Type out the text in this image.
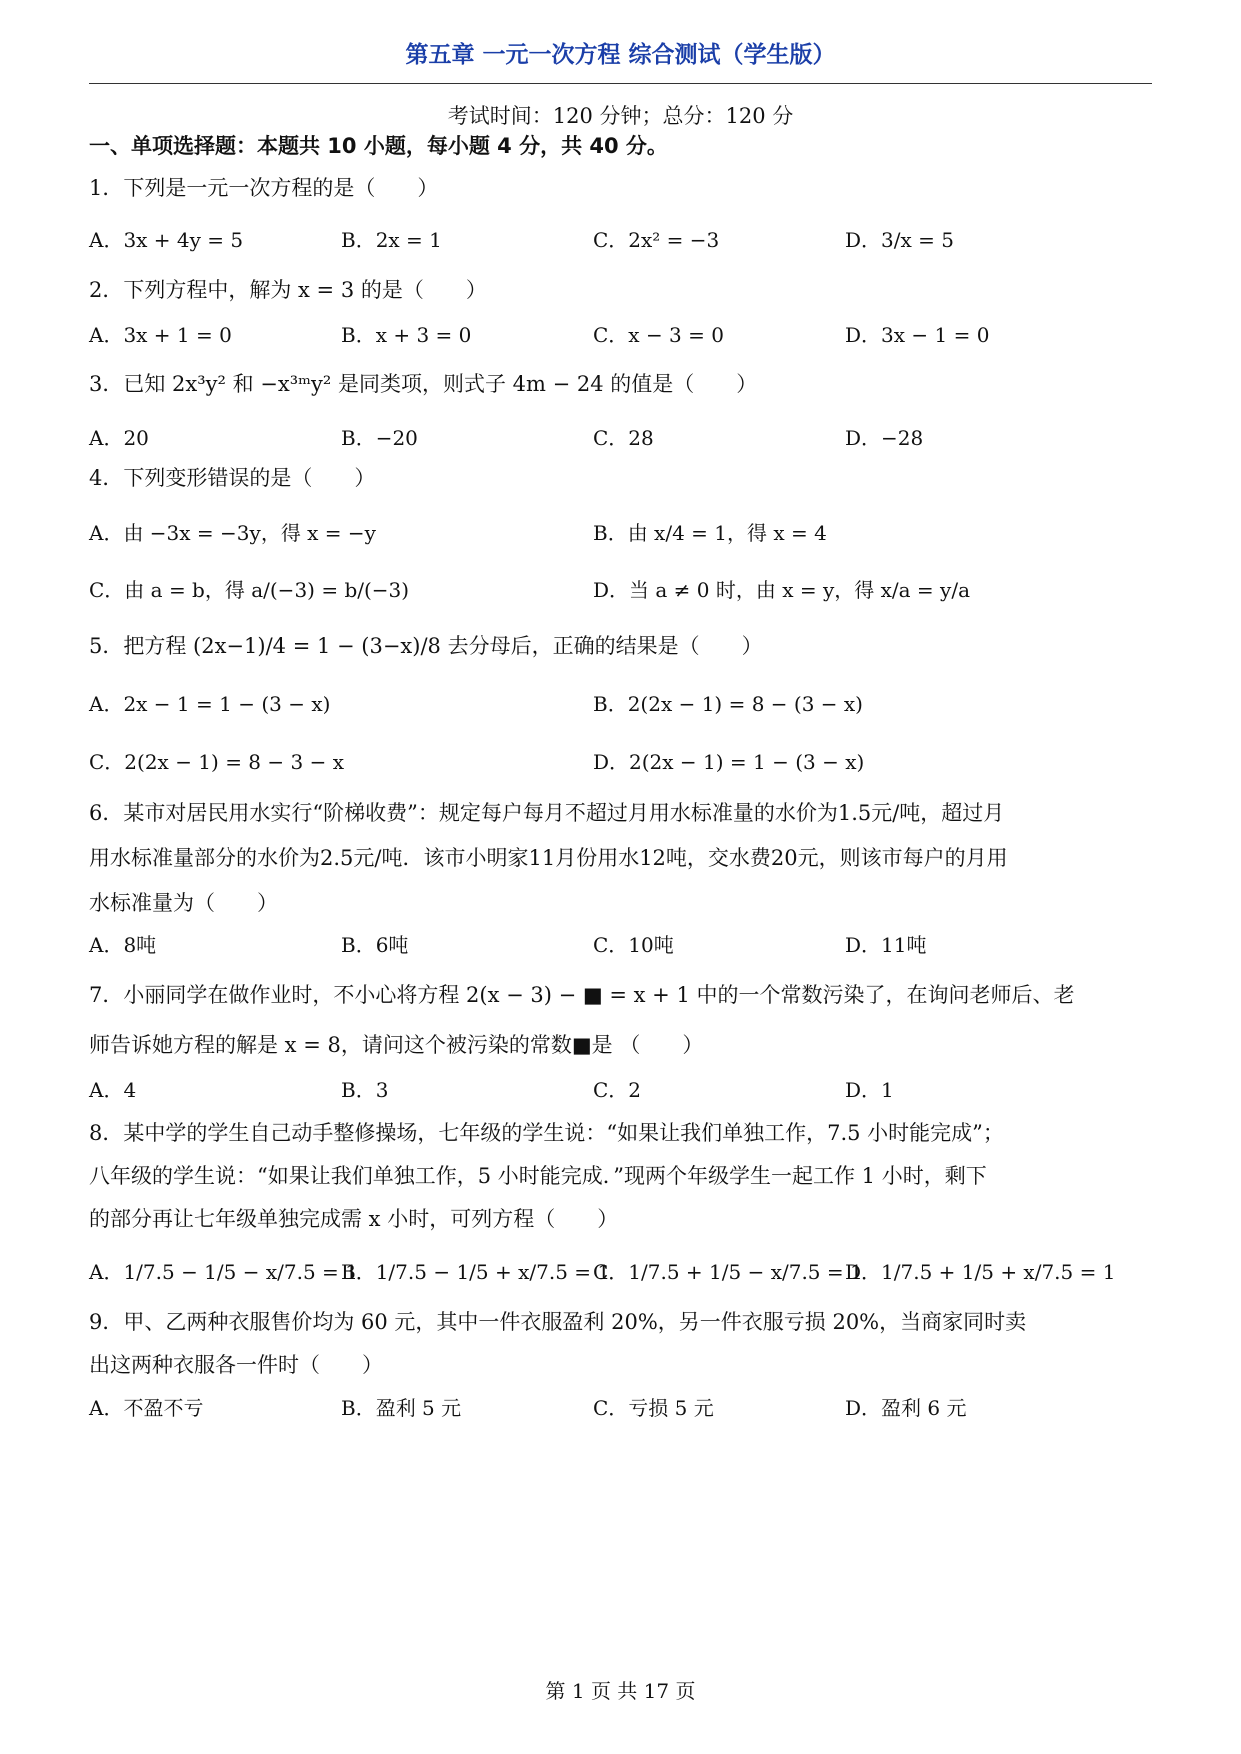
第五章 一元一次方程 综合测试（学生版）
考试时间：120 分钟；总分：120 分
一、单项选择题：本题共 10 小题，每小题 4 分，共 40 分。
1．下列是一元一次方程的是（　　）
A．3x + 4y = 5	B．2x = 1	C．2x² = −3	D．3/x = 5
2．下列方程中，解为 x = 3 的是（　　）
A．3x + 1 = 0	B．x + 3 = 0	C．x − 3 = 0	D．3x − 1 = 0
3．已知 2x³y² 和 −x³ᵐy² 是同类项，则式子 4m − 24 的值是（　　）
A．20	B．−20	C．28	D．−28
4．下列变形错误的是（　　）
A．由 −3x = −3y，得 x = −y	B．由 x/4 = 1，得 x = 4
C．由 a = b，得 a/(−3) = b/(−3)	D．当 a ≠ 0 时，由 x = y，得 x/a = y/a
5．把方程 (2x−1)/4 = 1 − (3−x)/8 去分母后，正确的结果是（　　）
A．2x − 1 = 1 − (3 − x)	B．2(2x − 1) = 8 − (3 − x)
C．2(2x − 1) = 8 − 3 − x	D．2(2x − 1) = 1 − (3 − x)
6．某市对居民用水实行“阶梯收费”：规定每户每月不超过月用水标准量的水价为1.5元/吨，超过月
用水标准量部分的水价为2.5元/吨．该市小明家11月份用水12吨，交水费20元，则该市每户的月用
水标准量为（　　）
A．8吨	B．6吨	C．10吨	D．11吨
7．小丽同学在做作业时，不小心将方程 2(x − 3) − ■ = x + 1 中的一个常数污染了，在询问老师后、老
师告诉她方程的解是 x = 8，请问这个被污染的常数■是 （　　）
A．4	B．3	C．2	D．1
8．某中学的学生自己动手整修操场，七年级的学生说：“如果让我们单独工作，7.5 小时能完成”；
八年级的学生说：“如果让我们单独工作，5 小时能完成．”现两个年级学生一起工作 1 小时，剩下
的部分再让七年级单独完成需 x 小时，可列方程（　　）
A．1/7.5 − 1/5 − x/7.5 = 1
B．1/7.5 − 1/5 + x/7.5 = 1
C．1/7.5 + 1/5 − x/7.5 = 1
D．1/7.5 + 1/5 + x/7.5 = 1
9．甲、乙两种衣服售价均为 60 元，其中一件衣服盈利 20%，另一件衣服亏损 20%，当商家同时卖
出这两种衣服各一件时（　　）
A．不盈不亏	B．盈利 5 元	C．亏损 5 元	D．盈利 6 元
第 1 页 共 17 页
